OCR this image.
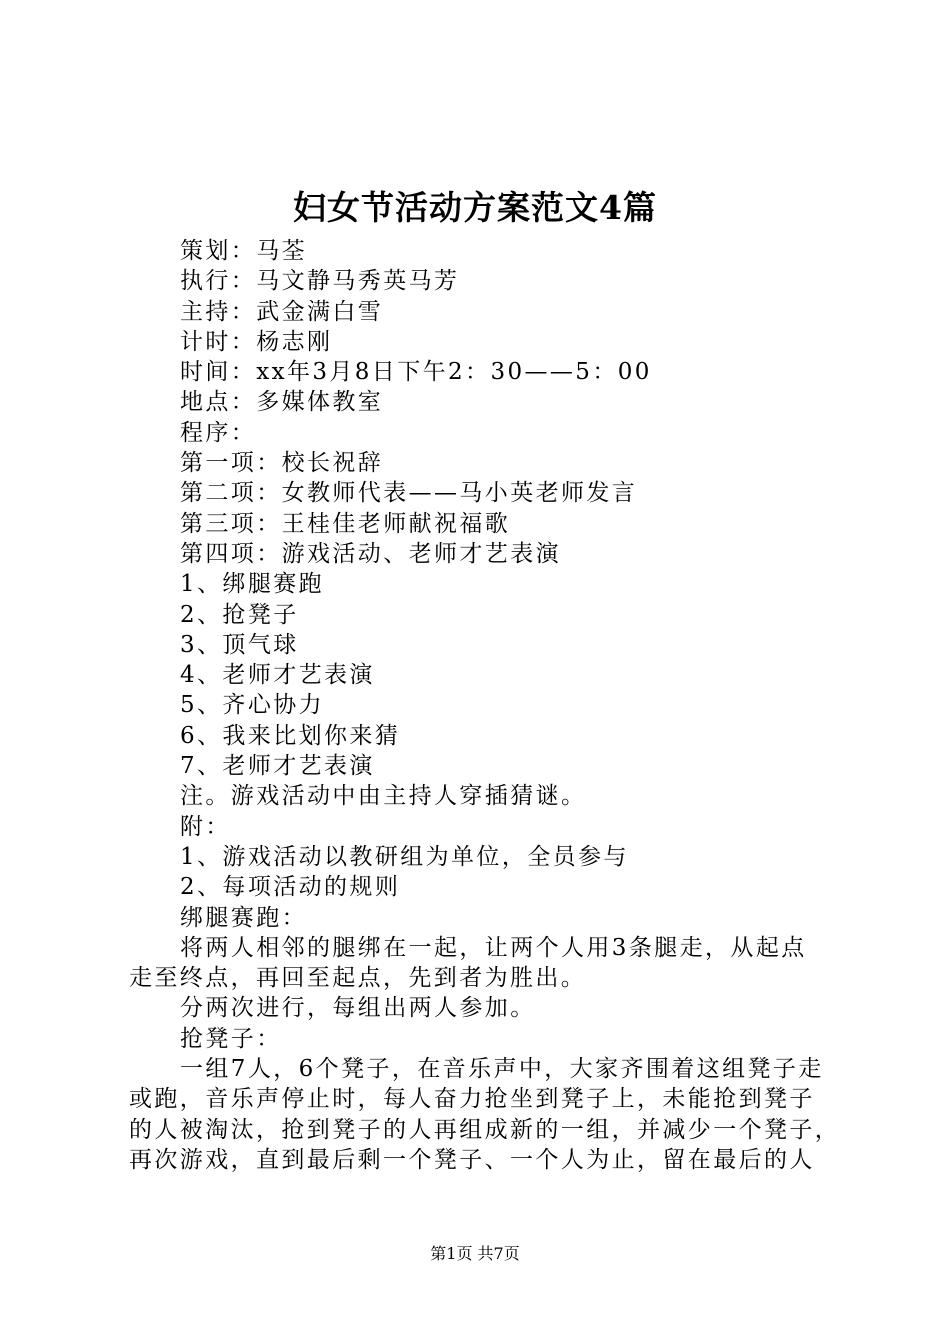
妇女节活动方案范文4篇
策划：马荃
执行：马文静马秀英马芳
主持：武金满白雪
计时：杨志刚
时间：xx年3月8日下午2：30——5：00
地点：多媒体教室
程序：
第一项：校长祝辞
第二项：女教师代表——马小英老师发言
第三项：王桂佳老师献祝福歌
第四项：游戏活动、老师才艺表演
1、绑腿赛跑
2、抢凳子
3、顶气球
4、老师才艺表演
5、齐心协力
6、我来比划你来猜
7、老师才艺表演
注。游戏活动中由主持人穿插猜谜。
附：
1、游戏活动以教研组为单位，全员参与
2、每项活动的规则
绑腿赛跑：
将两人相邻的腿绑在一起，让两个人用3条腿走，从起点
走至终点，再回至起点，先到者为胜出。
分两次进行，每组出两人参加。
抢凳子：
一组7人，6个凳子，在音乐声中，大家齐围着这组凳子走
或跑，音乐声停止时，每人奋力抢坐到凳子上，未能抢到凳子
的人被淘汰，抢到凳子的人再组成新的一组，并减少一个凳子，
再次游戏，直到最后剩一个凳子、一个人为止，留在最后的人
第1页 共7页
